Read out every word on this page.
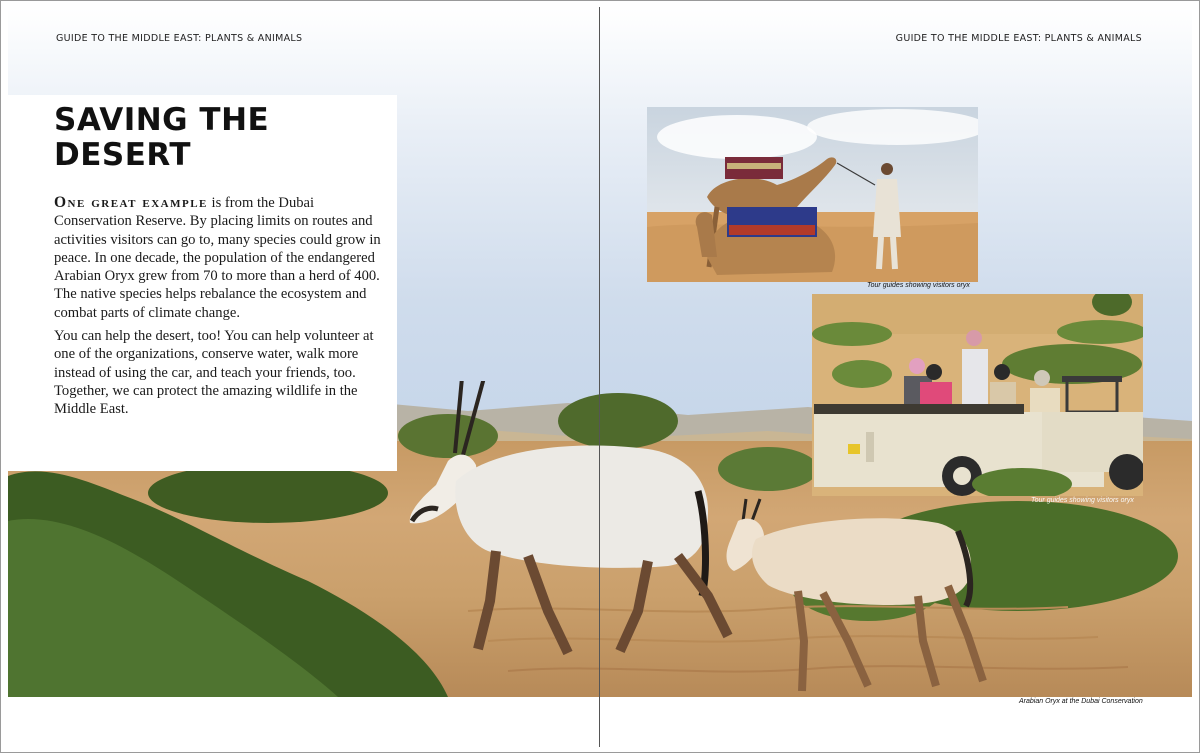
GUIDE TO THE MIDDLE EAST: PLANTS & ANIMALS	GUIDE TO THE MIDDLE EAST: PLANTS & ANIMALS
SAVING THE DESERT

One great example is from the Dubai Conservation Reserve. By placing limits on routes and activities visitors can go to, many species could grow in peace. In one decade, the population of the endangered Arabian Oryx grew from 70 to more than a herd of 400. The native species helps rebalance the ecosystem and combat parts of climate change.

You can help the desert, too! You can help volunteer at one of the organizations, conserve water, walk more instead of using the car, and teach your friends, too. Together, we can protect the amazing wildlife in the Middle East.

Tour guides showing visitors oryx
Tour guides showing visitors oryx
Arabian Oryx at the Dubai Conservation
